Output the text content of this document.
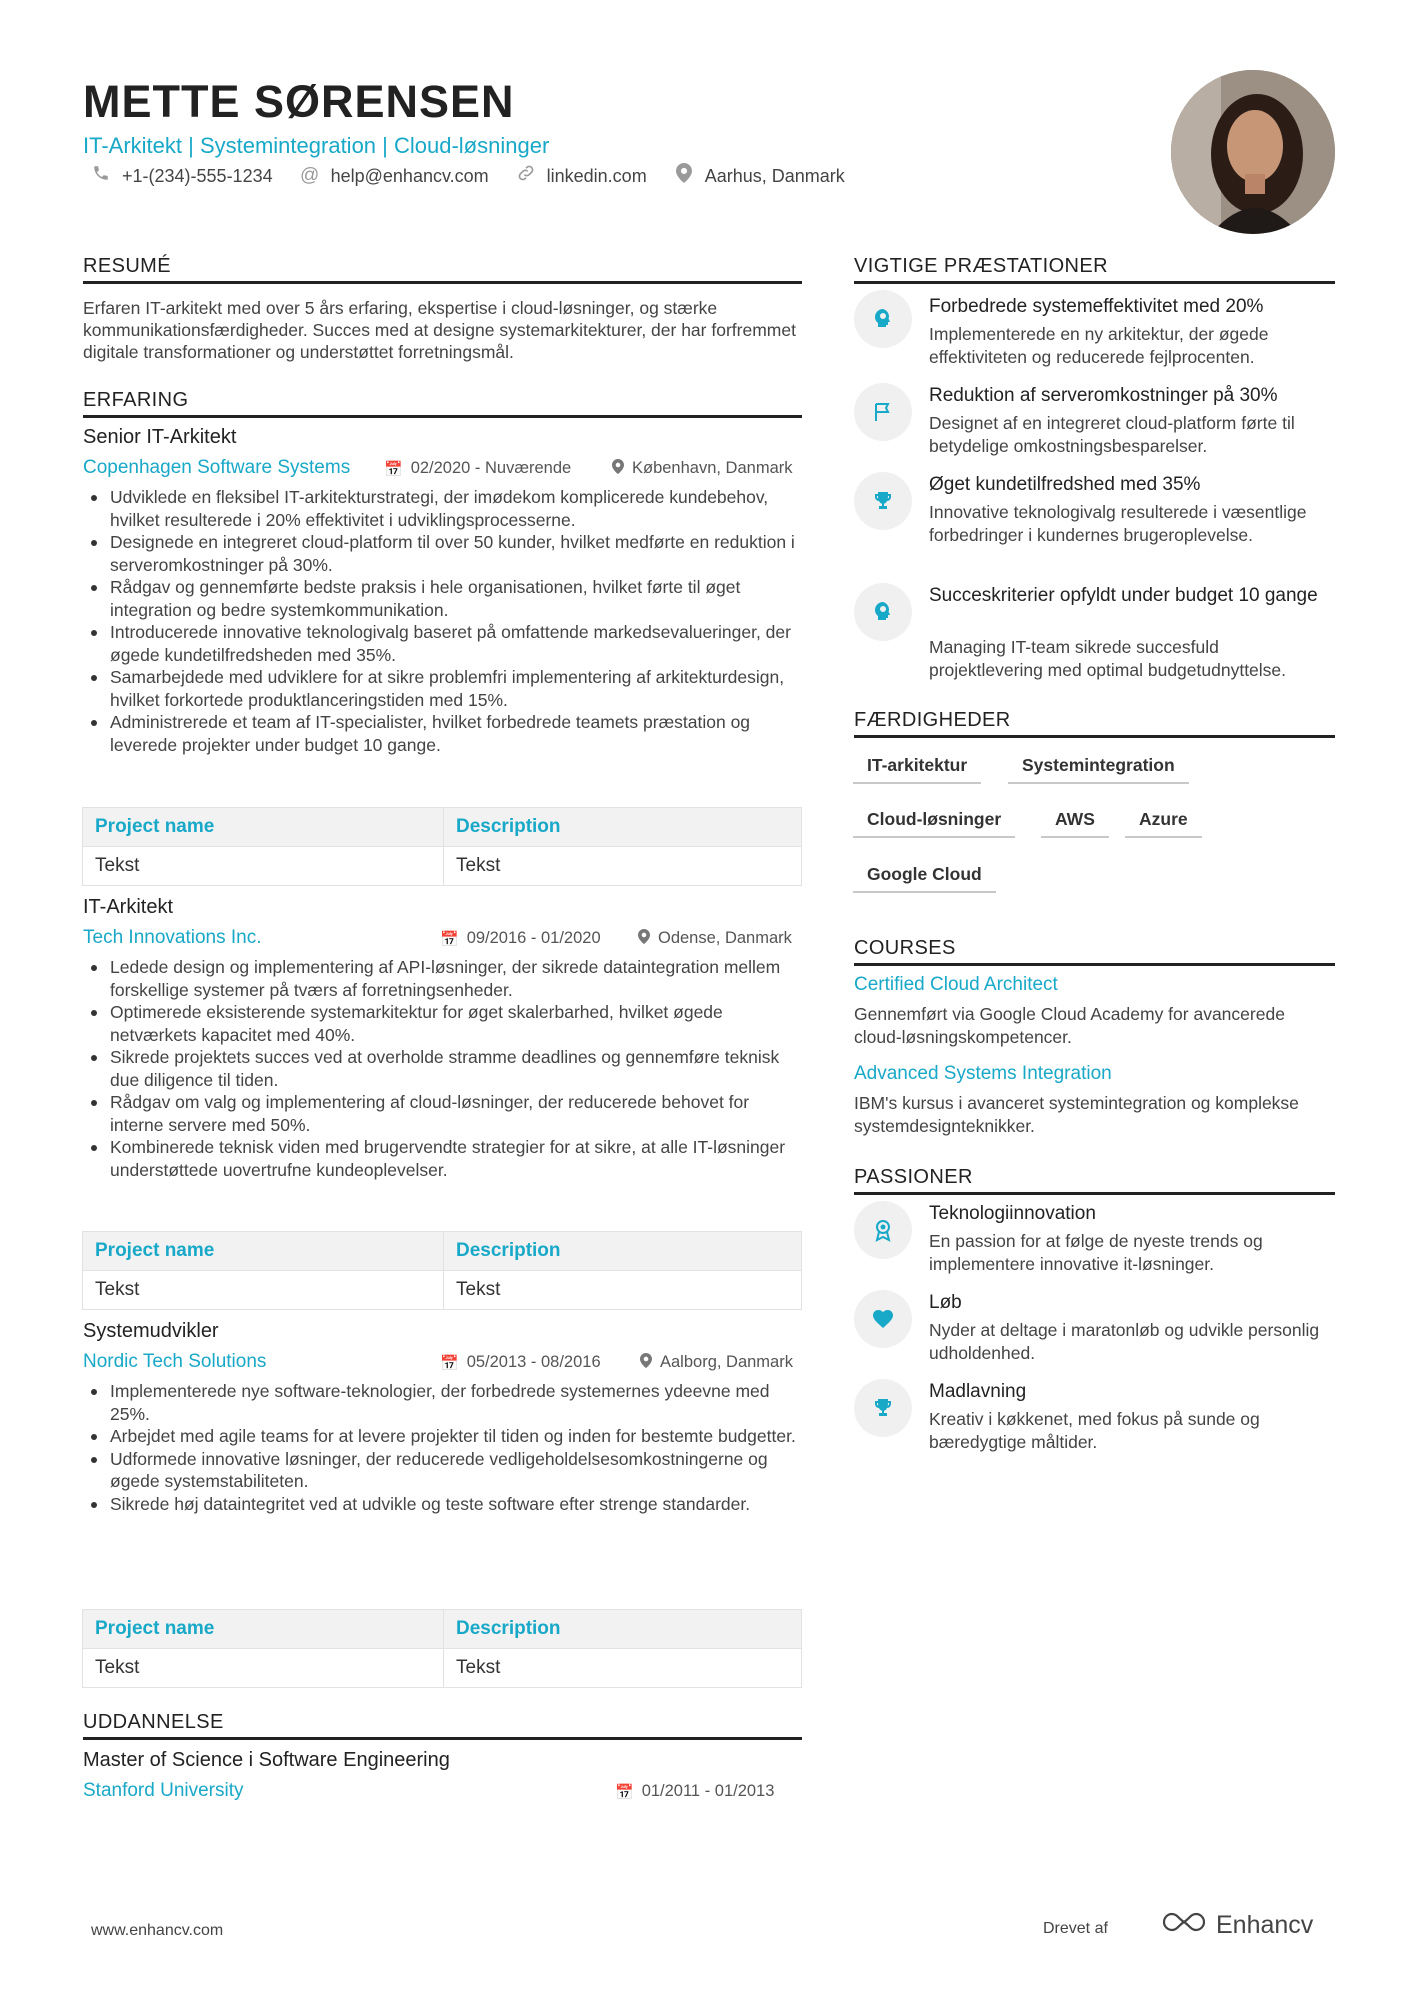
METTE SØRENSEN
IT-Arkitekt | Systemintegration | Cloud-løsninger
+1-(234)-555-1234 @ help@enhancv.com	linkedin.com	Aarhus, Danmark
RESUMÉ
Erfaren IT-arkitekt med over 5 års erfaring, ekspertise i cloud-løsninger, og stærke kommunikationsfærdigheder. Succes med at designe systemarkitekturer, der har forfremmet digitale transformationer og understøttet forretningsmål.
ERFARING
Senior IT-Arkitekt
Copenhagen Software Systems 📅 02/2020 - Nuværende	København, Danmark
Udviklede en fleksibel IT-arkitekturstrategi, der imødekom komplicerede kundebehov, hvilket resulterede i 20% effektivitet i udviklingsprocesserne.
Designede en integreret cloud-platform til over 50 kunder, hvilket medførte en reduktion i serveromkostninger på 30%.
Rådgav og gennemførte bedste praksis i hele organisationen, hvilket førte til øget integration og bedre systemkommunikation.
Introducerede innovative teknologivalg baseret på omfattende markedsevalueringer, der øgede kundetilfredsheden med 35%.
Samarbejdede med udviklere for at sikre problemfri implementering af arkitekturdesign, hvilket forkortede produktlanceringstiden med 15%.
Administrerede et team af IT-specialister, hvilket forbedrede teamets præstation og leverede projekter under budget 10 gange.
Project name	Description
Tekst	Tekst
IT-Arkitekt
Tech Innovations Inc.	📅 09/2016 - 01/2020	Odense, Danmark
Ledede design og implementering af API-løsninger, der sikrede dataintegration mellem forskellige systemer på tværs af forretningsenheder.
Optimerede eksisterende systemarkitektur for øget skalerbarhed, hvilket øgede netværkets kapacitet med 40%.
Sikrede projektets succes ved at overholde stramme deadlines og gennemføre teknisk due diligence til tiden.
Rådgav om valg og implementering af cloud-løsninger, der reducerede behovet for interne servere med 50%.
Kombinerede teknisk viden med brugervendte strategier for at sikre, at alle IT-løsninger understøttede uovertrufne kundeoplevelser.
Project name	Description
Tekst	Tekst
Systemudvikler
Nordic Tech Solutions	📅 05/2013 - 08/2016	Aalborg, Danmark
Implementerede nye software-teknologier, der forbedrede systemernes ydeevne med 25%.
Arbejdet med agile teams for at levere projekter til tiden og inden for bestemte budgetter.
Udformede innovative løsninger, der reducerede vedligeholdelsesomkostningerne og øgede systemstabiliteten.
Sikrede høj dataintegritet ved at udvikle og teste software efter strenge standarder.
Project name	Description
Tekst	Tekst
UDDANNELSE
Master of Science i Software Engineering
Stanford University	📅 01/2011 - 01/2013
VIGTIGE PRÆSTATIONER
Forbedrede systemeffektivitet med 20%
Implementerede en ny arkitektur, der øgede effektiviteten og reducerede fejlprocenten.
Reduktion af serveromkostninger på 30%
Designet af en integreret cloud-platform førte til betydelige omkostningsbesparelser.
Øget kundetilfredshed med 35%
Innovative teknologivalg resulterede i væsentlige forbedringer i kundernes brugeroplevelse.
Succeskriterier opfyldt under budget 10 gange
Managing IT-team sikrede succesfuld projektlevering med optimal budgetudnyttelse.
FÆRDIGHEDER
IT-arkitektur	Systemintegration
Cloud-løsninger	AWS	Azure
Google Cloud
COURSES
Certified Cloud Architect
Gennemført via Google Cloud Academy for avancerede cloud-løsningskompetencer.
Advanced Systems Integration
IBM's kursus i avanceret systemintegration og komplekse systemdesignteknikker.
PASSIONER
Teknologiinnovation
En passion for at følge de nyeste trends og implementere innovative it-løsninger.
Løb
Nyder at deltage i maratonløb og udvikle personlig udholdenhed.
Madlavning
Kreativ i køkkenet, med fokus på sunde og bæredygtige måltider.
www.enhancv.com	Drevet af	Enhancv
